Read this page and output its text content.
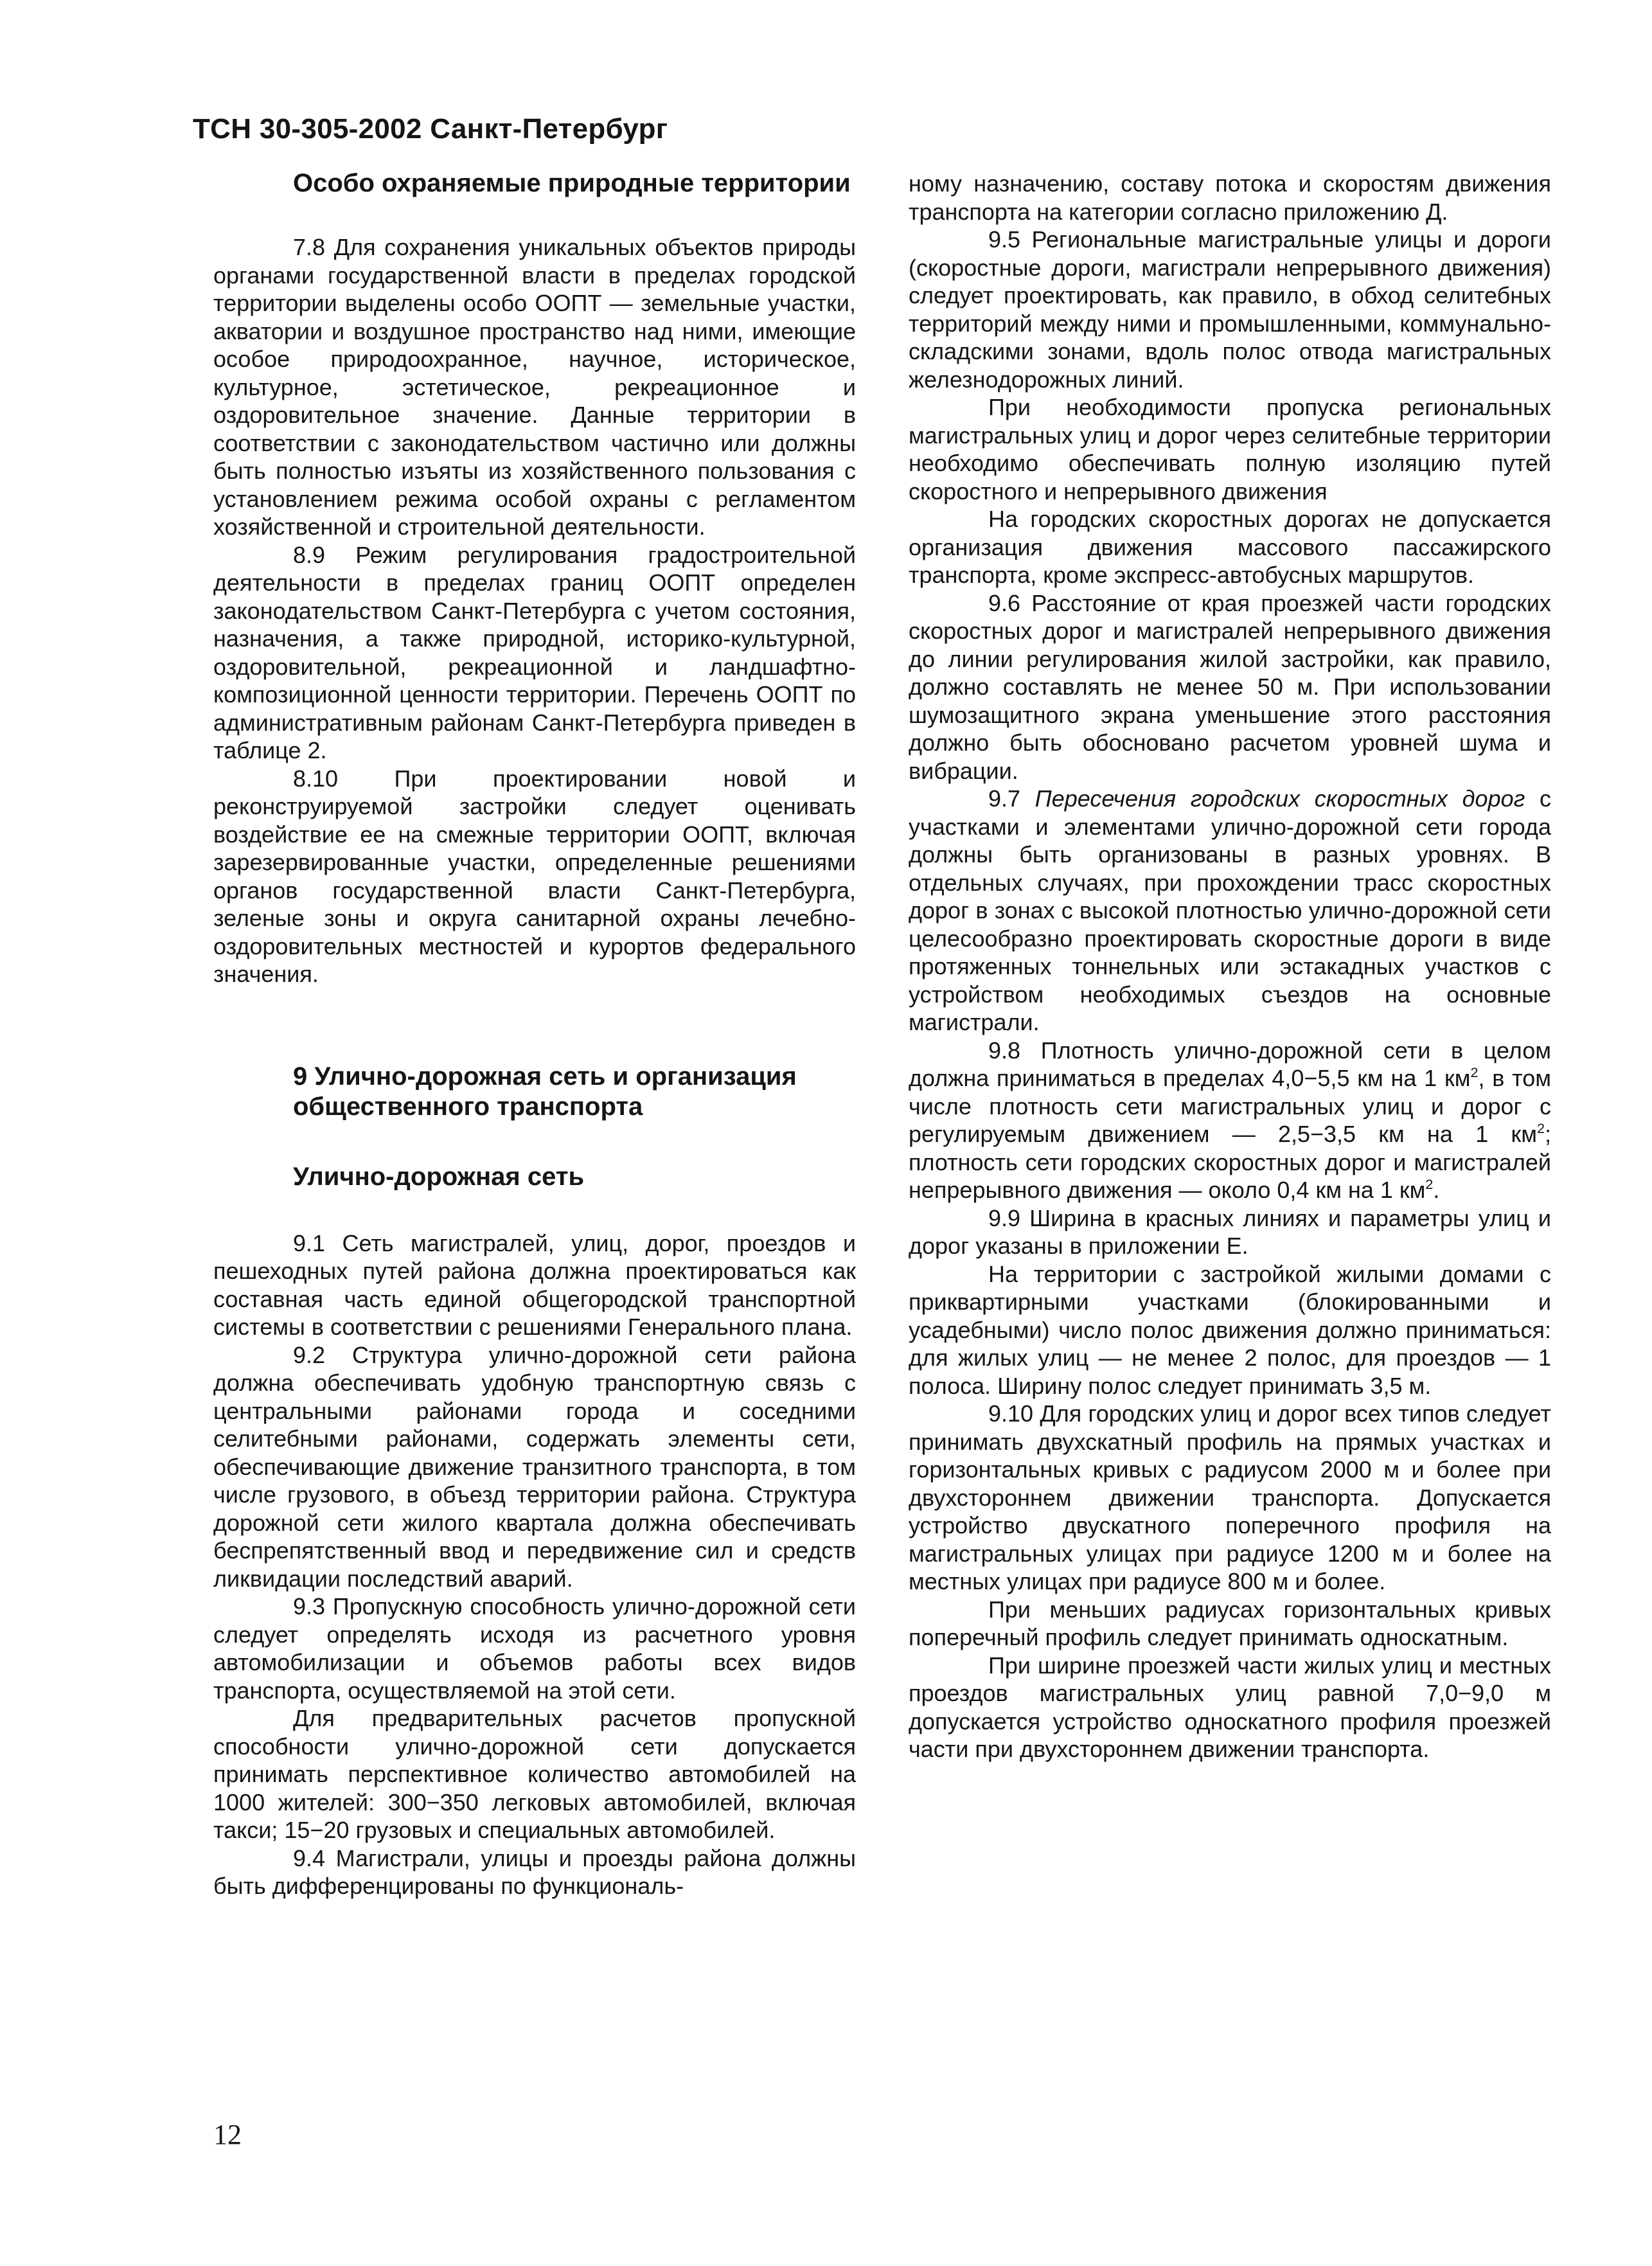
ТСН 30-305-2002 Санкт-Петербург
Особо охраняемые природные территории

7.8 Для сохранения уникальных объектов природы органами государственной власти в пределах городской территории выделены особо ООПТ — земельные участки, акватории и воздушное пространство над ними, имеющие особое природоохранное, научное, историческое, культурное, эстетическое, рекреационное и оздоровительное значение. Данные территории в соответствии с законодательством частично или должны быть полностью изъяты из хозяйственного пользования с установлением режима особой охраны с регламентом хозяйственной и строительной деятельности.

8.9 Режим регулирования градостроительной деятельности в пределах границ ООПТ определен законодательством Санкт-Петербурга с учетом состояния, назначения, а также природной, историко-культурной, оздоровительной, рекреационной и ландшафтно-композиционной ценности территории. Перечень ООПТ по административным районам Санкт-Петербурга приведен в таблице 2.

8.10 При проектировании новой и реконструируемой застройки следует оценивать воздействие ее на смежные территории ООПТ, включая зарезервированные участки, определенные решениями органов государственной власти Санкт-Петербурга, зеленые зоны и округа санитарной охраны лечебно-оздоровительных местностей и курортов федерального значения.

9 Улично-дорожная сеть и организация общественного транспорта
Улично-дорожная сеть

9.1 Сеть магистралей, улиц, дорог, проездов и пешеходных путей района должна проектироваться как составная часть единой общегородской транспортной системы в соответствии с решениями Генерального плана.

9.2 Структура улично-дорожной сети района должна обеспечивать удобную транспортную связь с центральными районами города и соседними селитебными районами, содержать элементы сети, обеспечивающие движение транзитного транспорта, в том числе грузового, в объезд территории района. Структура дорожной сети жилого квартала должна обеспечивать беспрепятственный ввод и передвижение сил и средств ликвидации последствий аварий.

9.3 Пропускную способность улично-дорожной сети следует определять исходя из расчетного уровня автомобилизации и объемов работы всех видов транспорта, осуществляемой на этой сети.

Для предварительных расчетов пропускной способности улично-дорожной сети допускается принимать перспективное количество автомобилей на 1000 жителей: 300−350 легковых автомобилей, включая такси; 15−20 грузовых и специальных автомобилей.

9.4 Магистрали, улицы и проезды района должны быть дифференцированы по функциональ-

ному назначению, составу потока и скоростям движения транспорта на категории согласно приложению Д.

9.5 Региональные магистральные улицы и дороги (скоростные дороги, магистрали непрерывного движения) следует проектировать, как правило, в обход селитебных территорий между ними и промышленными, коммунально-складскими зонами, вдоль полос отвода магистральных железнодорожных линий.

При необходимости пропуска региональных магистральных улиц и дорог через селитебные территории необходимо обеспечивать полную изоляцию путей скоростного и непрерывного движения

На городских скоростных дорогах не допускается организация движения массового пассажирского транспорта, кроме экспресс-автобусных маршрутов.

9.6 Расстояние от края проезжей части городских скоростных дорог и магистралей непрерывного движения до линии регулирования жилой застройки, как правило, должно составлять не менее 50 м. При использовании шумозащитного экрана уменьшение этого расстояния должно быть обосновано расчетом уровней шума и вибрации.

9.7 Пересечения городских скоростных дорог с участками и элементами улично-дорожной сети города должны быть организованы в разных уровнях. В отдельных случаях, при прохождении трасс скоростных дорог в зонах с высокой плотностью улично-дорожной сети целесообразно проектировать скоростные дороги в виде протяженных тоннельных или эстакадных участков с устройством необходимых съездов на основные магистрали.

9.8 Плотность улично-дорожной сети в целом должна приниматься в пределах 4,0−5,5 км на 1 $км^2$, в том числе плотность сети магистральных улиц и дорог с регулируемым движением — 2,5−3,5 км на 1 $км^2$; плотность сети городских скоростных дорог и магистралей непрерывного движения — около 0,4 км на 1 $км^2$.

9.9 Ширина в красных линиях и параметры улиц и дорог указаны в приложении Е.

На территории с застройкой жилыми домами с приквартирными участками (блокированными и усадебными) число полос движения должно приниматься: для жилых улиц — не менее 2 полос, для проездов — 1 полоса. Ширину полос следует принимать 3,5 м.

9.10 Для городских улиц и дорог всех типов следует принимать двухскатный профиль на прямых участках и горизонтальных кривых с радиусом 2000 м и более при двухстороннем движении транспорта. Допускается устройство двускатного поперечного профиля на магистральных улицах при радиусе 1200 м и более на местных улицах при радиусе 800 м и более.

При меньших радиусах горизонтальных кривых поперечный профиль следует принимать односкатным.

При ширине проезжей части жилых улиц и местных проездов магистральных улиц равной 7,0−9,0 м допускается устройство односкатного профиля проезжей части при двухстороннем движении транспорта.

12
